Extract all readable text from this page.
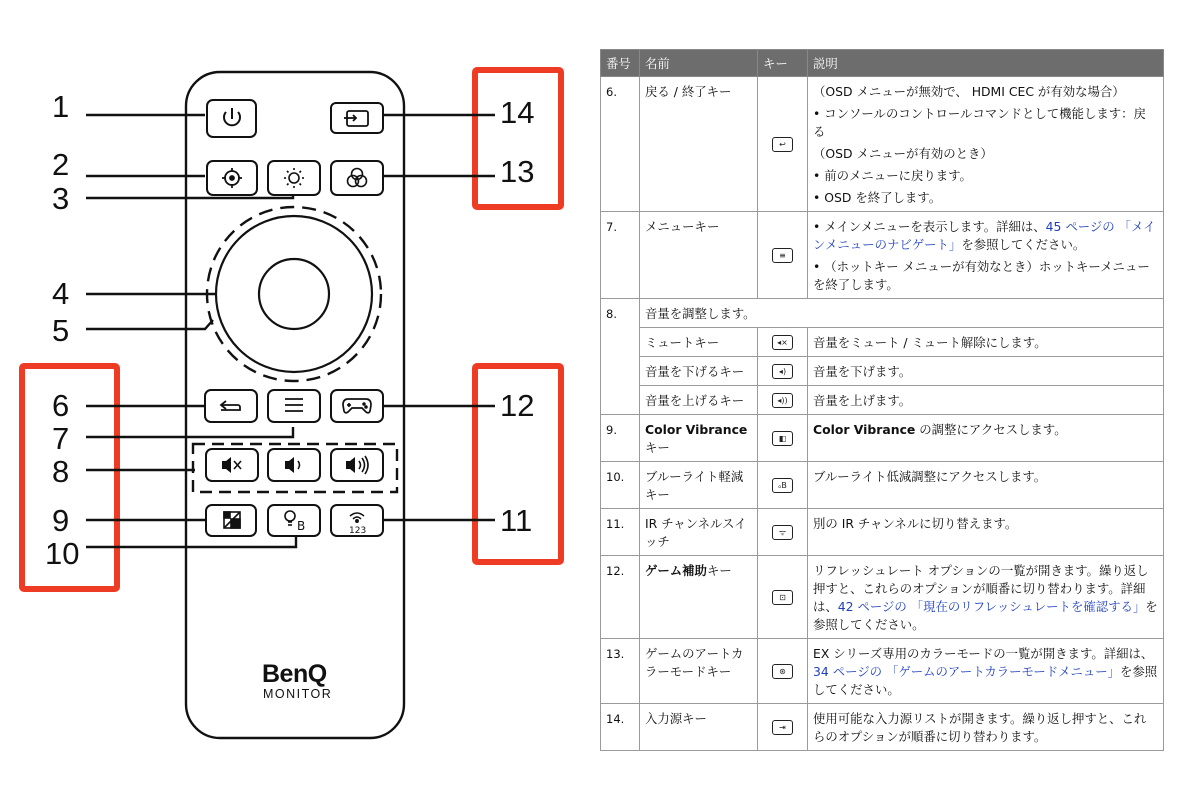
B	123
1
2
3
4
5
6
7
8
9
10
11
12
13
14
BenQ
MONITOR
番号	名前	キー	説明
6.	戻る / 終了キー	↩	（OSD メニューが無効で、 HDMI CEC が有効な場合）
• コンソールのコントロールコマンドとして機能します：戻る
（OSD メニューが有効のとき）
• 前のメニューに戻ります。
• OSD を終了します。

7.	メニューキー	≡	• メインメニューを表示します。詳細は、45 ページの 「メインメニューのナビゲート」を参照してください。
• （ホットキー メニューが有効なとき）ホットキーメニューを終了します。

8.	音量を調整します。		
	ミュートキー	◂×	音量をミュート / ミュート解除にします。
	音量を下げるキー	◂)	音量を下げます。
	音量を上げるキー	◂))	音量を上げます。
9.	Color Vibrance
キー	◧	Color Vibrance の調整にアクセスします。
10.	ブルーライト軽減キー	ₒB	ブルーライト低減調整にアクセスします。
11.	IR チャンネルスイッチ	ᯤ	別の IR チャンネルに切り替えます。
12.	ゲーム補助キー	⊡	リフレッシュレート オプションの一覧が開きます。繰り返し押すと、これらのオプションが順番に切り替わります。詳細は、42 ページの 「現在のリフレッシュレートを確認する」を参照してください。
13.	ゲームのアートカラーモードキー	⊛	EX シリーズ専用のカラーモードの一覧が開きます。詳細は、34 ページの 「ゲームのアートカラーモードメニュー」を参照してください。
14.	入力源キー	⇥	使用可能な入力源リストが開きます。繰り返し押すと、これらのオプションが順番に切り替わります。
